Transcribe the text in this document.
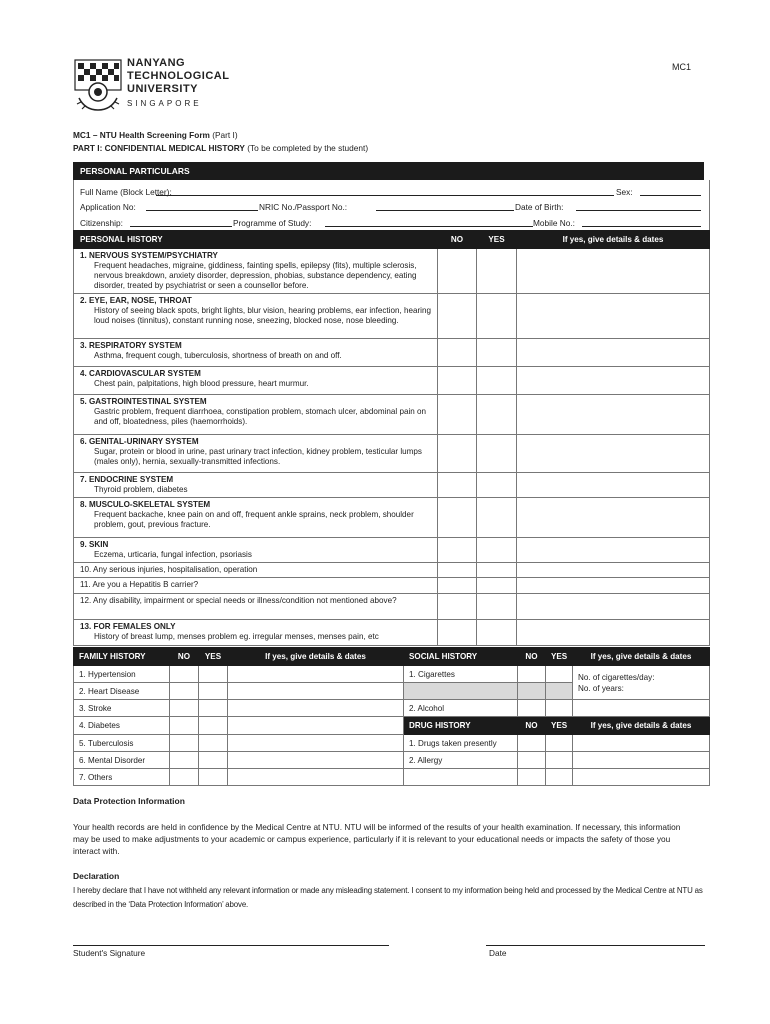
MC1
NANYANG
TECHNOLOGICAL
UNIVERSITY
SINGAPORE
MC1 – NTU Health Screening Form (Part I)
PART I: CONFIDENTIAL MEDICAL HISTORY (To be completed by the student)
PERSONAL PARTICULARS
Full Name (Block Letter):	Sex:
Application No:	NRIC No./Passport No.:	Date of Birth:
Citizenship:	Programme of Study:	Mobile No.:
PERSONAL HISTORY	NO	YES	If yes, give details & dates
1. NERVOUS SYSTEM/PSYCHIATRY
Frequent headaches, migraine, giddiness, fainting spells, epilepsy (fits), multiple sclerosis, nervous breakdown, anxiety disorder, depression, phobias, substance dependency, eating disorder, treated by psychiatrist or seen a counsellor before.			

2. EYE, EAR, NOSE, THROAT
History of seeing black spots, bright lights, blur vision, hearing problems, ear infection, hearing loud noises (tinnitus), constant running nose, sneezing, blocked nose, nose bleeding.			

3. RESPIRATORY SYSTEM
Asthma, frequent cough, tuberculosis, shortness of breath on and off.			

4. CARDIOVASCULAR SYSTEM
Chest pain, palpitations, high blood pressure, heart murmur.			

5. GASTROINTESTINAL SYSTEM
Gastric problem, frequent diarrhoea, constipation problem, stomach ulcer, abdominal pain on and off, bloatedness, piles (haemorrhoids).			

6. GENITAL-URINARY SYSTEM
Sugar, protein or blood in urine, past urinary tract infection, kidney problem, testicular lumps (males only), hernia, sexually-transmitted infections.			

7. ENDOCRINE SYSTEM
Thyroid problem, diabetes			

8. MUSCULO-SKELETAL SYSTEM
Frequent backache, knee pain on and off, frequent ankle sprains, neck problem, shoulder problem, gout, previous fracture.			

9. SKIN
Eczema, urticaria, fungal infection, psoriasis			

10. Any serious injuries, hospitalisation, operation			
11. Are you a Hepatitis B carrier?			
12. Any disability, impairment or special needs or illness/condition not mentioned above?			
13. FOR FEMALES ONLY
History of breast lump, menses problem eg. irregular menses, menses pain, etc			

FAMILY HISTORY	NO	YES	If yes, give details & dates	SOCIAL HISTORY	NO	YES	If yes, give details & dates
1. Hypertension				1. Cigarettes			No. of cigarettes/day:
No. of years:
2. Heart Disease							
3. Stroke				2. Alcohol			
4. Diabetes				DRUG HISTORY	NO	YES	If yes, give details & dates
5. Tuberculosis				1. Drugs taken presently			
6. Mental Disorder				2. Allergy			
7. Others							
Data Protection Information
Your health records are held in confidence by the Medical Centre at NTU. NTU will be informed of the results of your health examination. If necessary, this information may be used to make adjustments to your academic or campus experience, particularly if it is relevant to your educational needs or impacts the safety of those you interact with.
Declaration
I hereby declare that I have not withheld any relevant information or made any misleading statement. I consent to my information being held and processed by the Medical Centre at NTU as described in the ‘Data Protection Information’ above.
Student's Signature	Date
